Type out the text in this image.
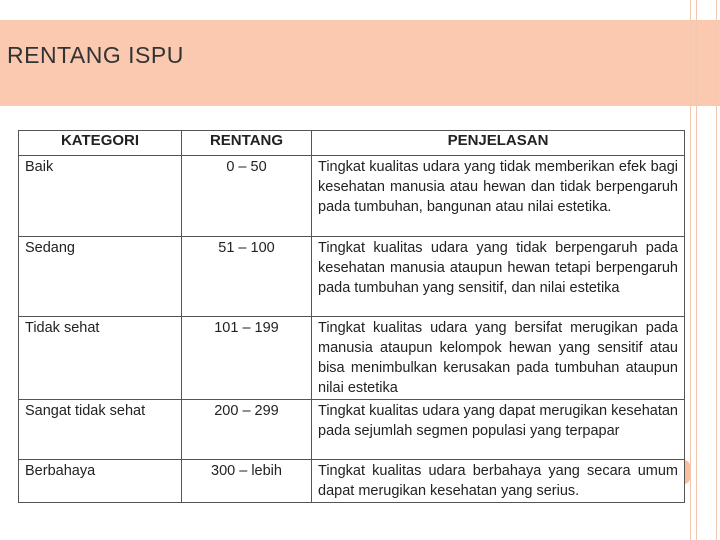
RENTANG ISPU
KATEGORI	RENTANG	PENJELASAN
Baik	0 – 50	Tingkat kualitas udara yang tidak memberikan efek bagi kesehatan manusia atau hewan dan tidak berpengaruh pada tumbuhan, bangunan atau nilai estetika.
Sedang	51 – 100	Tingkat kualitas udara yang tidak berpengaruh pada kesehatan manusia ataupun hewan tetapi berpengaruh pada tumbuhan yang sensitif, dan nilai estetika
Tidak sehat	101 – 199	Tingkat kualitas udara yang bersifat merugikan pada manusia ataupun kelompok hewan yang sensitif atau bisa menimbulkan kerusakan pada tumbuhan ataupun nilai estetika
Sangat tidak sehat	200 – 299	Tingkat kualitas udara yang dapat merugikan kesehatan pada sejumlah segmen populasi yang terpapar
Berbahaya	300 – lebih	Tingkat kualitas udara berbahaya yang secara umum dapat merugikan kesehatan yang serius.
